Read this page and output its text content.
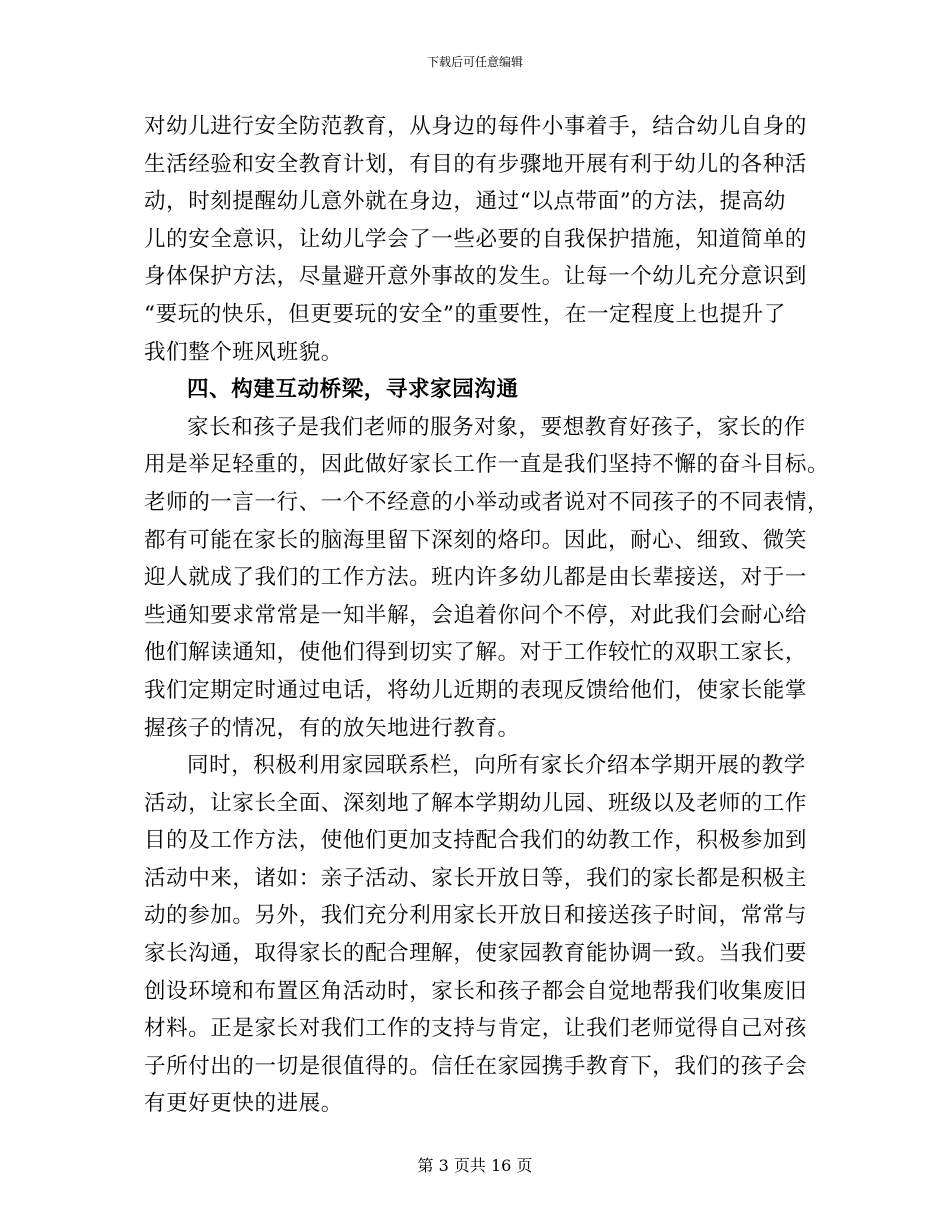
下载后可任意编辑
对幼儿进行安全防范教育，从身边的每件小事着手，结合幼儿自身的
生活经验和安全教育计划，有目的有步骤地开展有利于幼儿的各种活
动，时刻提醒幼儿意外就在身边，通过“以点带面”的方法，提高幼
儿的安全意识，让幼儿学会了一些必要的自我保护措施，知道简单的
身体保护方法，尽量避开意外事故的发生。让每一个幼儿充分意识到
“要玩的快乐，但更要玩的安全”的重要性，在一定程度上也提升了
我们整个班风班貌。
四、构建互动桥梁，寻求家园沟通
家长和孩子是我们老师的服务对象，要想教育好孩子，家长的作
用是举足轻重的，因此做好家长工作一直是我们坚持不懈的奋斗目标。
老师的一言一行、一个不经意的小举动或者说对不同孩子的不同表情，
都有可能在家长的脑海里留下深刻的烙印。因此，耐心、细致、微笑
迎人就成了我们的工作方法。班内许多幼儿都是由长辈接送，对于一
些通知要求常常是一知半解，会追着你问个不停，对此我们会耐心给
他们解读通知，使他们得到切实了解。对于工作较忙的双职工家长，
我们定期定时通过电话，将幼儿近期的表现反馈给他们，使家长能掌
握孩子的情况，有的放矢地进行教育。
同时，积极利用家园联系栏，向所有家长介绍本学期开展的教学
活动，让家长全面、深刻地了解本学期幼儿园、班级以及老师的工作
目的及工作方法，使他们更加支持配合我们的幼教工作，积极参加到
活动中来，诸如：亲子活动、家长开放日等，我们的家长都是积极主
动的参加。另外，我们充分利用家长开放日和接送孩子时间，常常与
家长沟通，取得家长的配合理解，使家园教育能协调一致。当我们要
创设环境和布置区角活动时，家长和孩子都会自觉地帮我们收集废旧
材料。正是家长对我们工作的支持与肯定，让我们老师觉得自己对孩
子所付出的一切是很值得的。信任在家园携手教育下，我们的孩子会
有更好更快的进展。
第 3 页共 16 页
